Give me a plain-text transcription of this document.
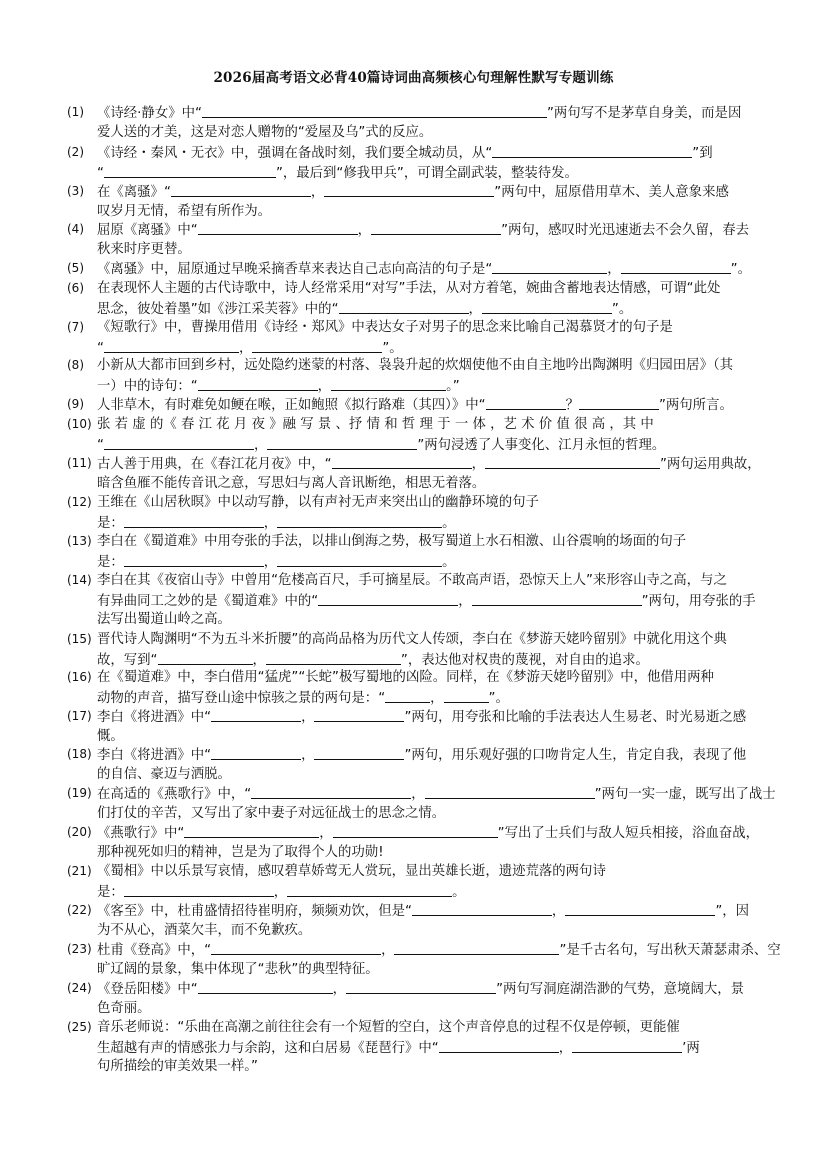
2026届高考语文必背40篇诗词曲高频核心句理解性默写专题训练
(1) 《诗经·静女》中“	”两句写不是茅草自身美，而是因
爱人送的才美，这是对恋人赠物的“爱屋及乌”式的反应。
(2) 《诗经・秦风・无衣》中，强调在备战时刻，我们要全城动员，从“	”到
“	”，最后到“修我甲兵”，可谓全副武装，整装待发。
(3) 在《离骚》“	，	”两句中，屈原借用草木、美人意象来感
叹岁月无情，希望有所作为。
(4) 屈原《离骚》中“	，	”两句，感叹时光迅速逝去不会久留，春去
秋来时序更替。
(5) 《离骚》中，屈原通过早晚采摘香草来表达自己志向高洁的句子是“	，	”。
(6) 在表现怀人主题的古代诗歌中，诗人经常采用“对写”手法，从对方着笔，婉曲含蓄地表达情感，可谓“此处
思念，彼处着墨”如《涉江采芙蓉》中的“	，	”。
(7) 《短歌行》中，曹操用借用《诗经・郑风》中表达女子对男子的思念来比喻自己渴慕贤才的句子是
“	，	”。
(8) 小新从大都市回到乡村，远处隐约迷蒙的村落、袅袅升起的炊烟使他不由自主地吟出陶渊明《归园田居》（其
一）中的诗句：“	，	。”
(9) 人非草木，有时难免如鲠在喉，正如鲍照《拟行路难（其四）》中“	？	”两句所言。
(10) 张 若 虚 的《 春 江 花 月 夜 》融 写 景 、抒 情 和 哲 理 于 一 体 ，艺 术 价 值 很 高 ，其 中
“	，	”两句浸透了人事变化、江月永恒的哲理。
(11) 古人善于用典，在《春江花月夜》中，“	，	”两句运用典故，
暗含鱼雁不能传音讯之意，写思妇与离人音讯断绝，相思无着落。
(12) 王维在《山居秋暝》中以动写静，以有声衬无声来突出山的幽静环境的句子
是：	，	。
(13) 李白在《蜀道难》中用夸张的手法，以排山倒海之势，极写蜀道上水石相激、山谷震响的场面的句子
是：	，	。
(14) 李白在其《夜宿山寺》中曾用“危楼高百尺，手可摘星辰。不敢高声语，恐惊天上人”来形容山寺之高，与之
有异曲同工之妙的是《蜀道难》中的“	，	”两句，用夸张的手
法写出蜀道山岭之高。
(15) 晋代诗人陶渊明“不为五斗米折腰”的高尚品格为历代文人传颂，李白在《梦游天姥吟留别》中就化用这个典
故，写到“	，	”，表达他对权贵的蔑视，对自由的追求。
(16) 在《蜀道难》中，李白借用“猛虎”“长蛇”极写蜀地的凶险。同样，在《梦游天姥吟留别》中，他借用两种
动物的声音，描写登山途中惊骇之景的两句是：“	，	”。
(17) 李白《将进酒》中“	，	”两句，用夸张和比喻的手法表达人生易老、时光易逝之感
慨。
(18) 李白《将进酒》中“	，	”两句，用乐观好强的口吻肯定人生，肯定自我，表现了他
的自信、豪迈与洒脱。
(19) 在高适的《燕歌行》中，“	，	”两句一实一虚，既写出了战士
们打仗的辛苦，又写出了家中妻子对远征战士的思念之情。
(20) 《燕歌行》中“	，	”写出了士兵们与敌人短兵相接，浴血奋战，
那种视死如归的精神，岂是为了取得个人的功勋!
(21) 《蜀相》中以乐景写哀情，感叹碧草娇莺无人赏玩，显出英雄长逝，遗迹荒落的两句诗
是：	，	。
(22) 《客至》中，杜甫盛情招待崔明府，频频劝饮，但是“	，	”，因
为不从心，酒菜欠丰，而不免歉疚。
(23) 杜甫《登高》中，“	，	”是千古名句，写出秋天萧瑟肃杀、空
旷辽阔的景象，集中体现了“悲秋”的典型特征。
(24) 《登岳阳楼》中“	，	”两句写洞庭湖浩渺的气势，意境阔大，景
色奇丽。
(25) 音乐老师说：“乐曲在高潮之前往往会有一个短暂的空白，这个声音停息的过程不仅是停顿，更能催
生超越有声的情感张力与余韵，这和白居易《琵琶行》中“	，	’两
句所描绘的审美效果一样。”
